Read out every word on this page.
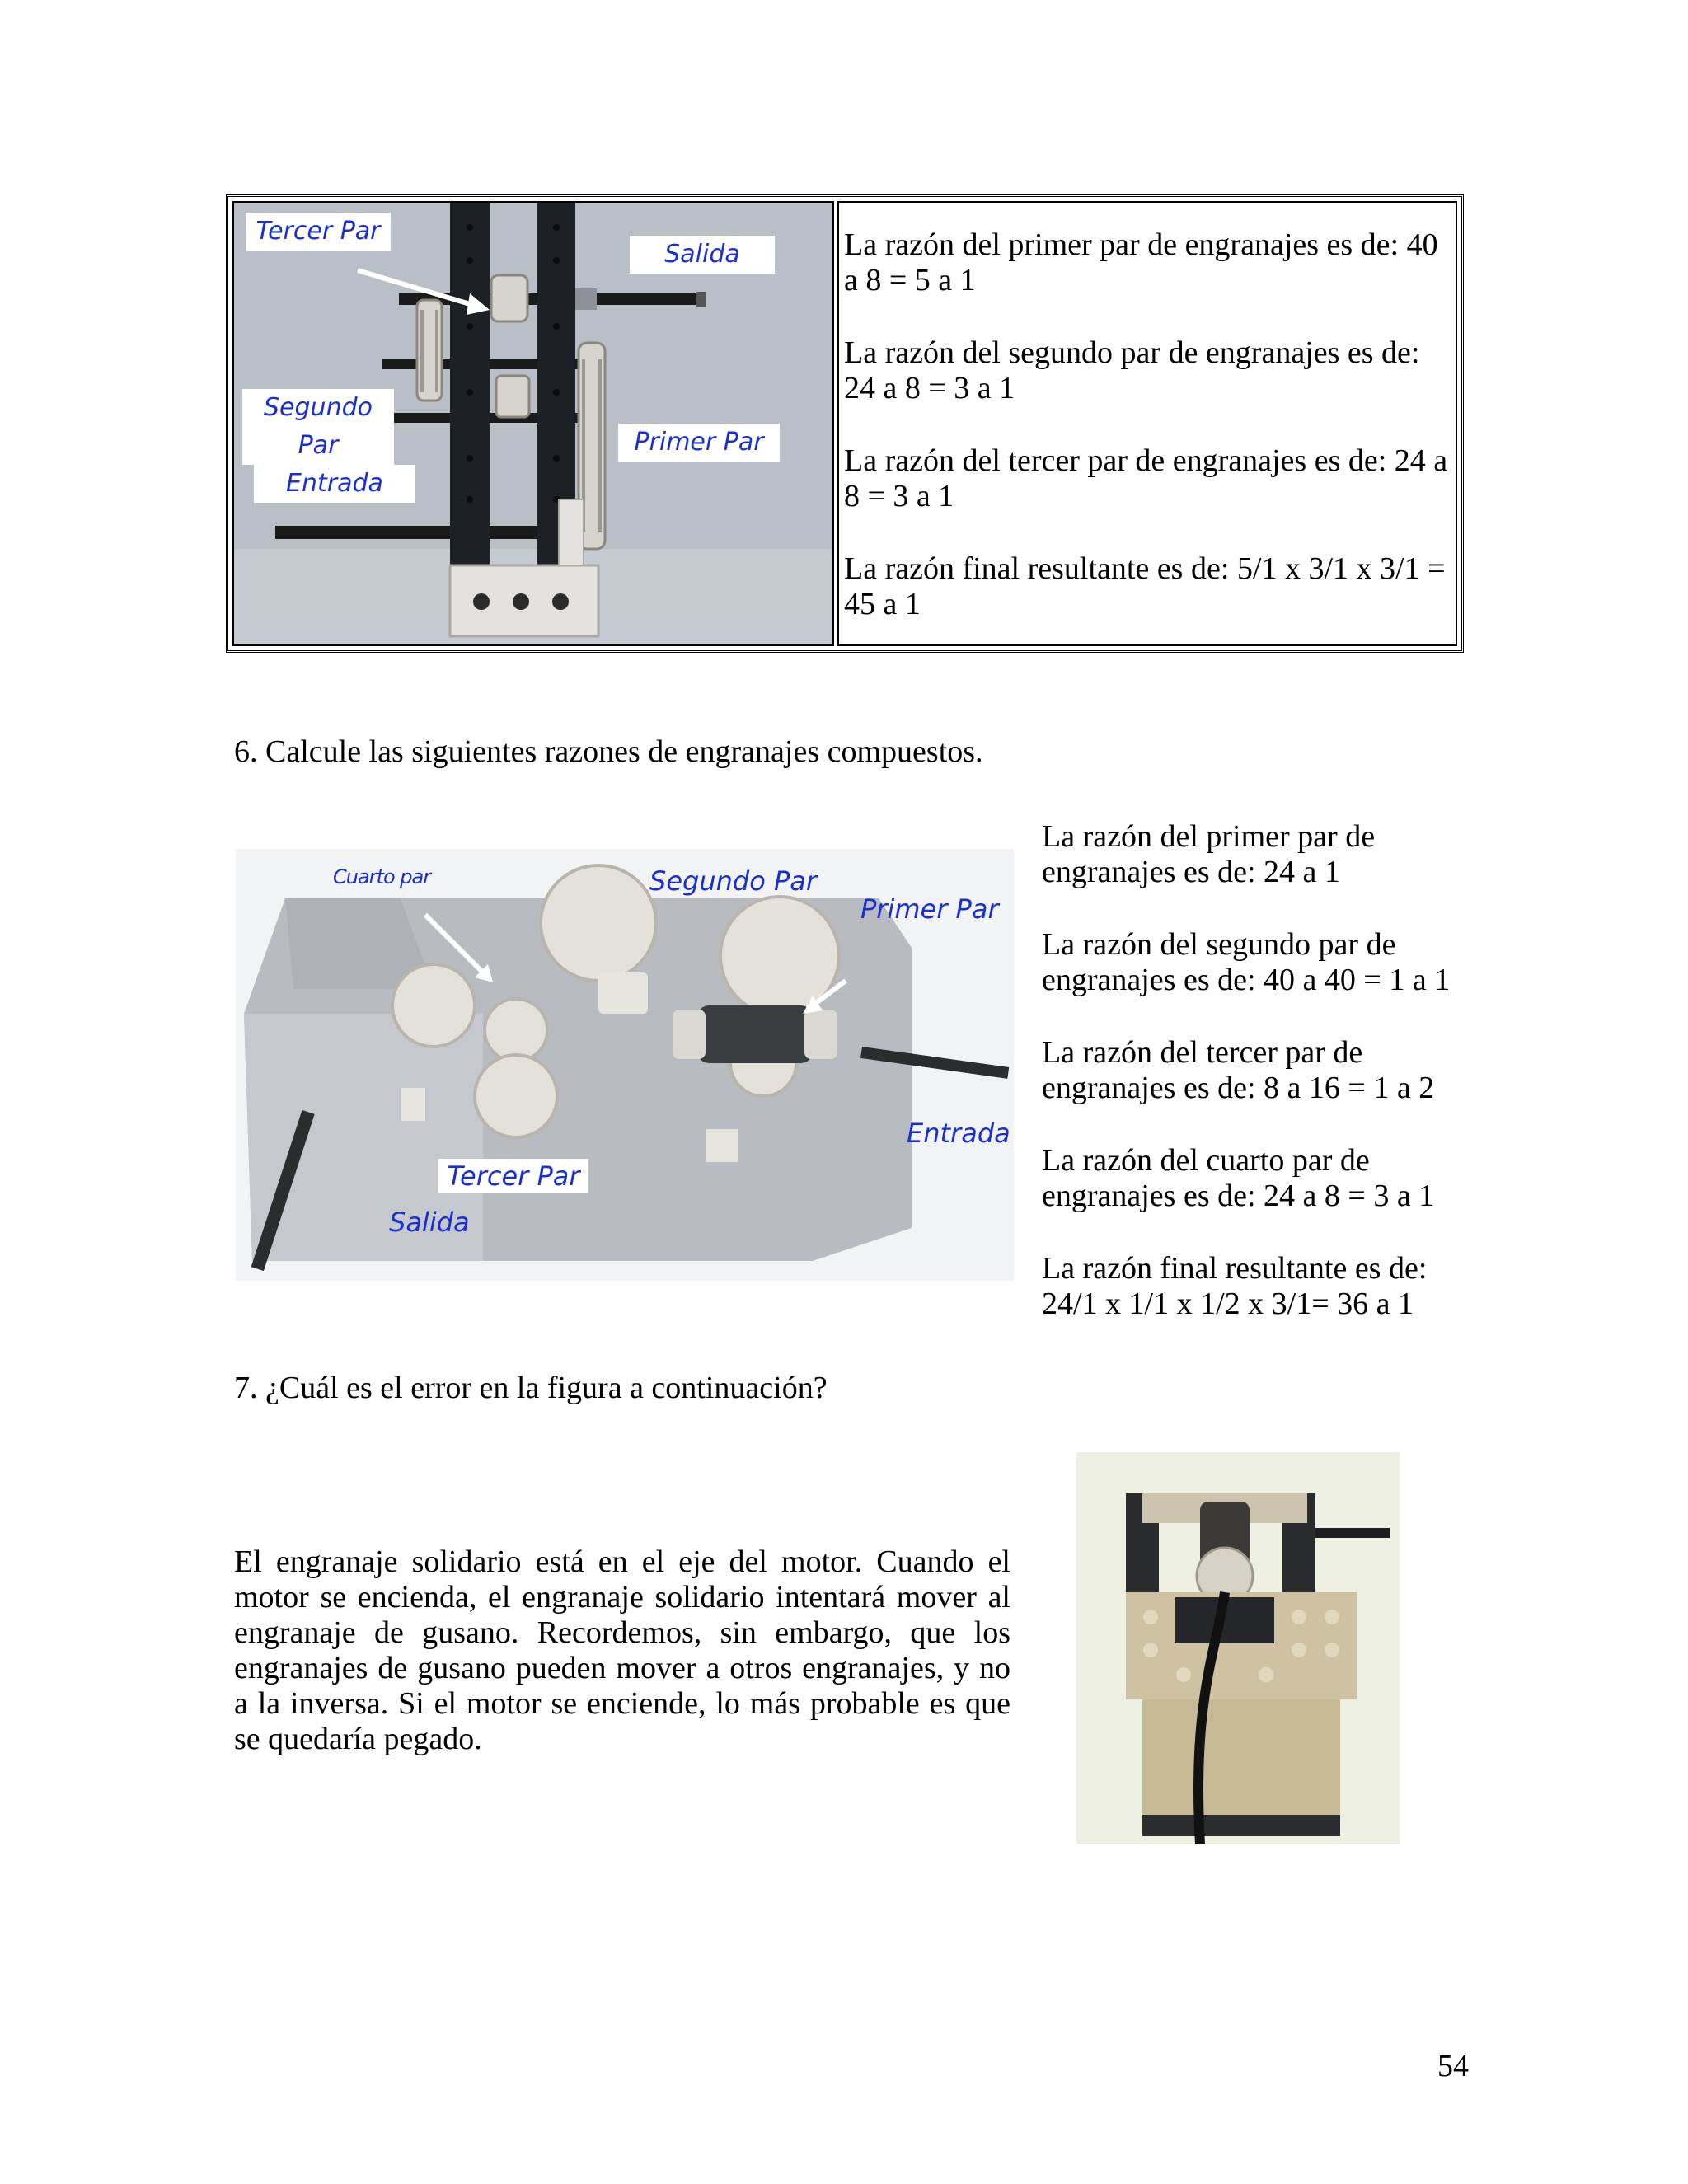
Tercer Par
Salida
Segundo Par	Primer Par
Entrada

La razón del primer par de engranajes es de: 40 a 8 = 5 a 1

La razón del segundo par de engranajes es de: 24 a 8 = 3 a 1

La razón del tercer par de engranajes es de: 24 a 8 = 3 a 1

La razón final resultante es de: 5/1 x 3/1 x 3/1 = 45 a 1

6. Calcule las siguientes razones de engranajes compuestos.
Cuarto par	Segundo Par
Primer Par
Entrada
Tercer Par
Salida

La razón del primer par de engranajes es de: 24 a 1

La razón del segundo par de engranajes es de: 40 a 40 = 1 a 1

La razón del tercer par de engranajes es de: 8 a 16 = 1 a 2

La razón del cuarto par de engranajes es de: 24 a 8 = 3 a 1

La razón final resultante es de: 24/1 x 1/1 x 1/2 x 3/1= 36 a 1

7. ¿Cuál es el error en la figura a continuación?
El engranaje solidario está en el eje del motor. Cuando el motor se encienda, el engranaje solidario intentará mover al engranaje de gusano. Recordemos, sin embargo, que los engranajes de gusano pueden mover a otros engranajes, y no a la inversa. Si el motor se enciende, lo más probable es que se quedaría pegado.
54
